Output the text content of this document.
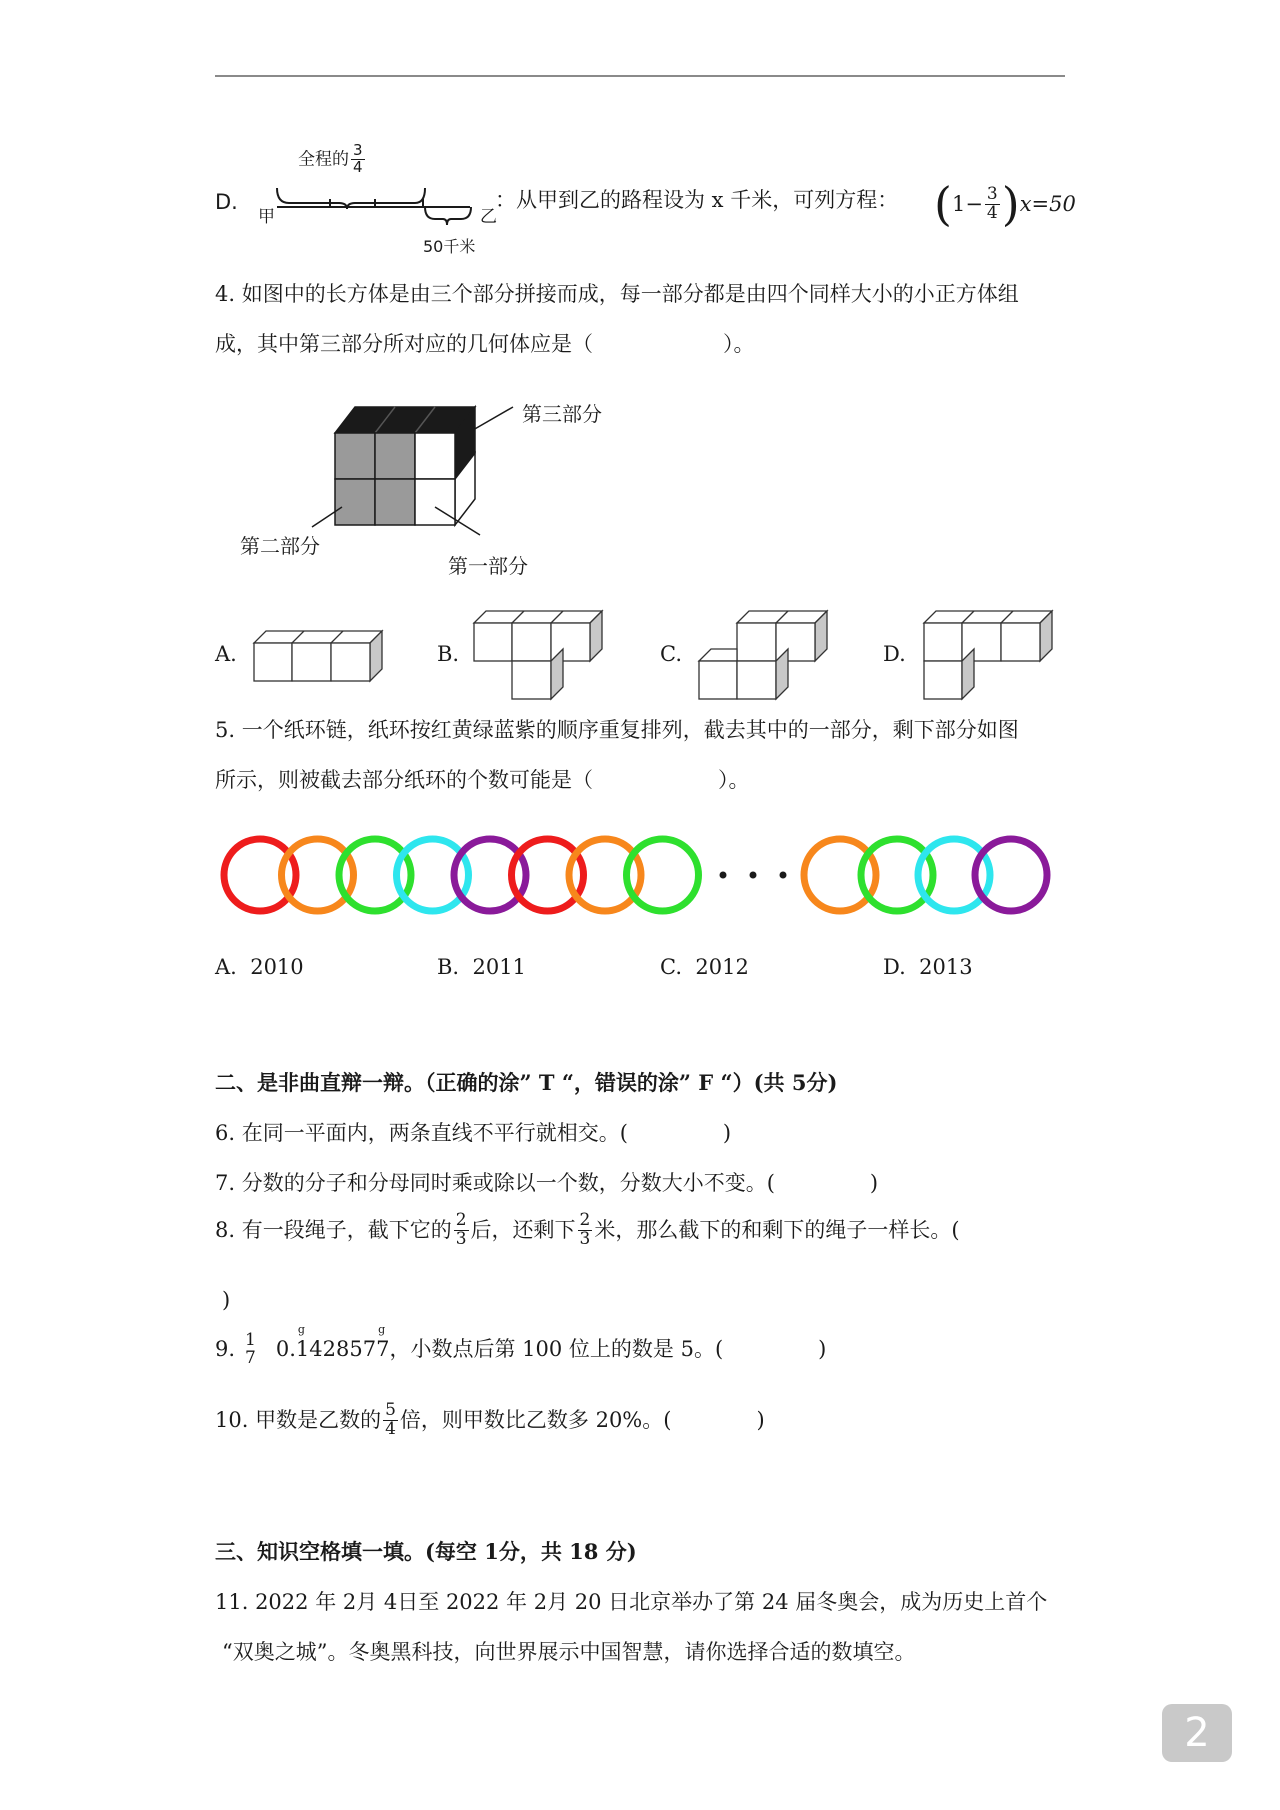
D.
全程的 $\frac{3}{4}$
甲
50千米
乙
：从甲到乙的路程设为 x 千米，可列方程： ( $1- \frac{3}{4}$ ) x=50
4. 如图中的长方体是由三个部分拼接而成，每一部分都是由四个同样大小的小正方体组
成，其中第三部分所对应的几何体应是（	）。
第三部分
第二部分
第一部分
A.	B.	C.	D.
5. 一个纸环链，纸环按红黄绿蓝紫的顺序重复排列，截去其中的一部分，剩下部分如图
所示，则被截去部分纸环的个数可能是（	）。
A. 2010	B. 2011	C. 2012	D. 2013
二、是非曲直辩一辩。（正确的涂” T “，错误的涂” F “）(共 5分)
6. 在同一平面内，两条直线不平行就相交。(	)
7. 分数的分子和分母同时乘或除以一个数，分数大小不变。(	)
8. 有一段绳子，截下它的 $\frac{2}{3}$ 后，还剩下 $\frac{2}{3}$ 米，那么截下的和剩下的绳子一样长。(
)
9. 1
7 0.
g
1 42857
g
7 ，小数点后第 100 位上的数是 5。(	)
10. 甲数是乙数的 $\frac{5}{4}$ 倍，则甲数比乙数多 20%。(	)
三、知识空格填一填。(每空 1分，共 18 分)
11. 2022 年 2月 4日至 2022 年 2月 20 日北京举办了第 24 届冬奥会，成为历史上首个
“双奥之城”。冬奥黑科技，向世界展示中国智慧，请你选择合适的数填空。
2
